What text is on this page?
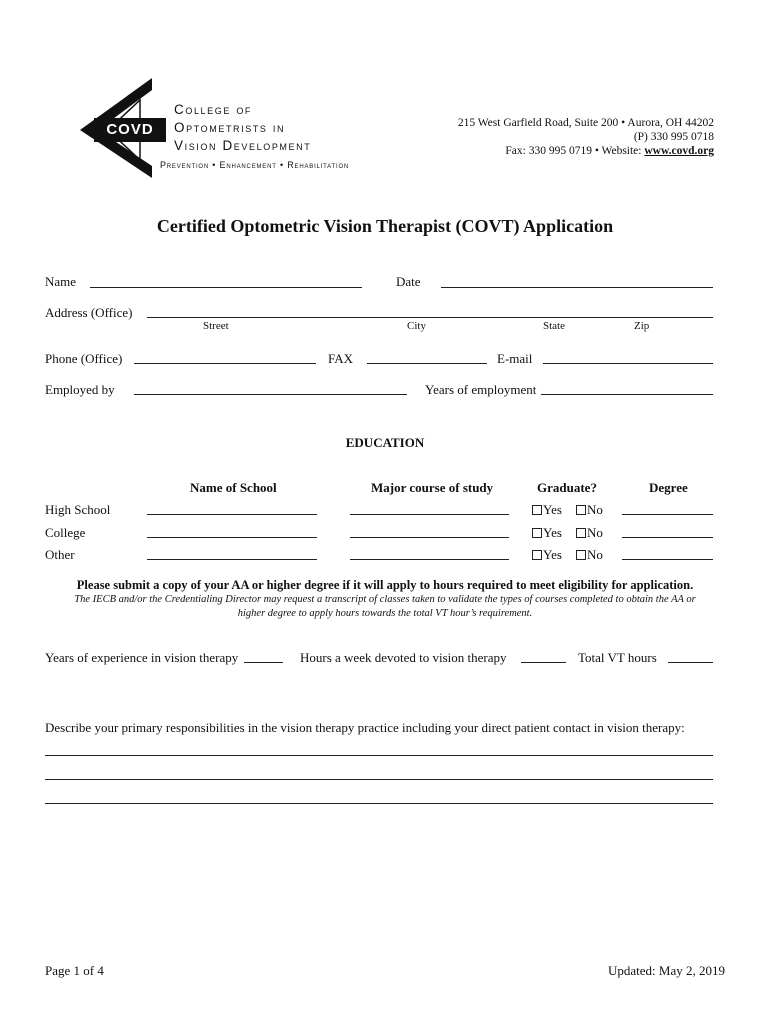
COVD
College of
Optometrists in
Vision Development
Prevention • Enhancement • Rehabilitation
215 West Garfield Road, Suite 200 • Aurora, OH 44202
(P) 330 995 0718
Fax: 330 995 0719 • Website: www.covd.org
Certified Optometric Vision Therapist (COVT) Application
Name	Date
Address (Office)
Street	City	State	Zip
Phone (Office)	FAX	E-mail
Employed by	Years of employment
EDUCATION
Name of School	Major course of study	Graduate?	Degree
High School	Yes	No
College	Yes	No
Other	Yes	No
Please submit a copy of your AA or higher degree if it will apply to hours required to meet eligibility for application.
The IECB and/or the Credentialing Director may request a transcript of classes taken to validate the types of courses completed to obtain the AA or
higher degree to apply hours towards the total VT hour’s requirement.
Years of experience in vision therapy	Hours a week devoted to vision therapy	Total VT hours
Describe your primary responsibilities in the vision therapy practice including your direct patient contact in vision therapy:
Page 1 of 4	Updated: May 2, 2019
